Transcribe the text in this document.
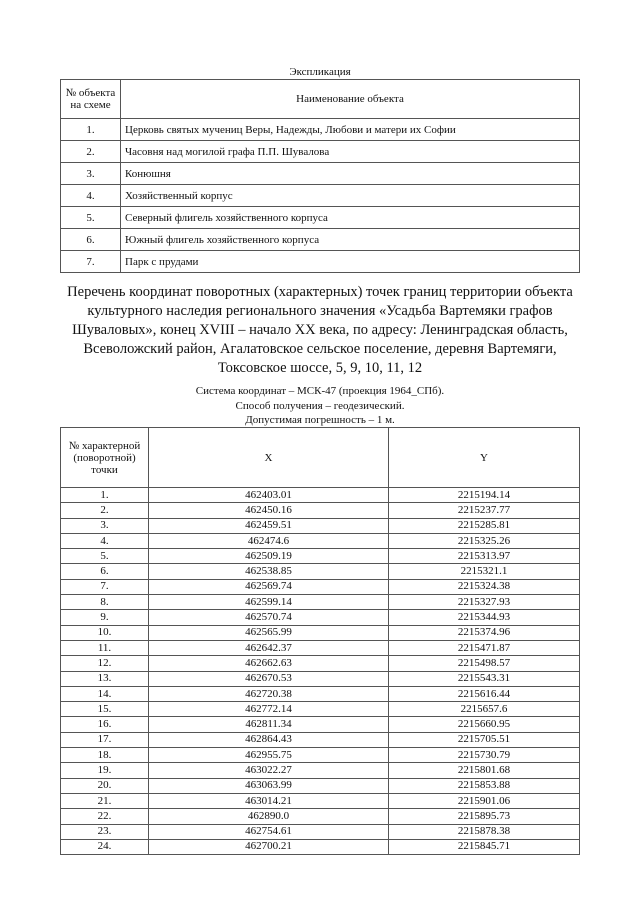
Экспликация
№ объекта на схеме	Наименование объекта
1.	Церковь святых мучениц Веры, Надежды, Любови и матери их Софии
2.	Часовня над могилой графа П.П. Шувалова
3.	Конюшня
4.	Хозяйственный корпус
5.	Северный флигель хозяйственного корпуса
6.	Южный флигель хозяйственного корпуса
7.	Парк с прудами
Перечень координат поворотных (характерных) точек границ территории объекта культурного наследия регионального значения «Усадьба Вартемяки графов Шуваловых», конец XVIII – начало XX века, по адресу: Ленинградская область, Всеволожский район, Агалатовское сельское поселение, деревня Вартемяги, Токсовское шоссе, 5, 9, 10, 11, 12
Система координат – МСК-47 (проекция 1964_СПб).
Способ получения – геодезический.
Допустимая погрешность – 1 м.
№ характерной (поворотной) точки	X	Y
1.	462403.01	2215194.14
2.	462450.16	2215237.77
3.	462459.51	2215285.81
4.	462474.6	2215325.26
5.	462509.19	2215313.97
6.	462538.85	2215321.1
7.	462569.74	2215324.38
8.	462599.14	2215327.93
9.	462570.74	2215344.93
10.	462565.99	2215374.96
11.	462642.37	2215471.87
12.	462662.63	2215498.57
13.	462670.53	2215543.31
14.	462720.38	2215616.44
15.	462772.14	2215657.6
16.	462811.34	2215660.95
17.	462864.43	2215705.51
18.	462955.75	2215730.79
19.	463022.27	2215801.68
20.	463063.99	2215853.88
21.	463014.21	2215901.06
22.	462890.0	2215895.73
23.	462754.61	2215878.38
24.	462700.21	2215845.71
